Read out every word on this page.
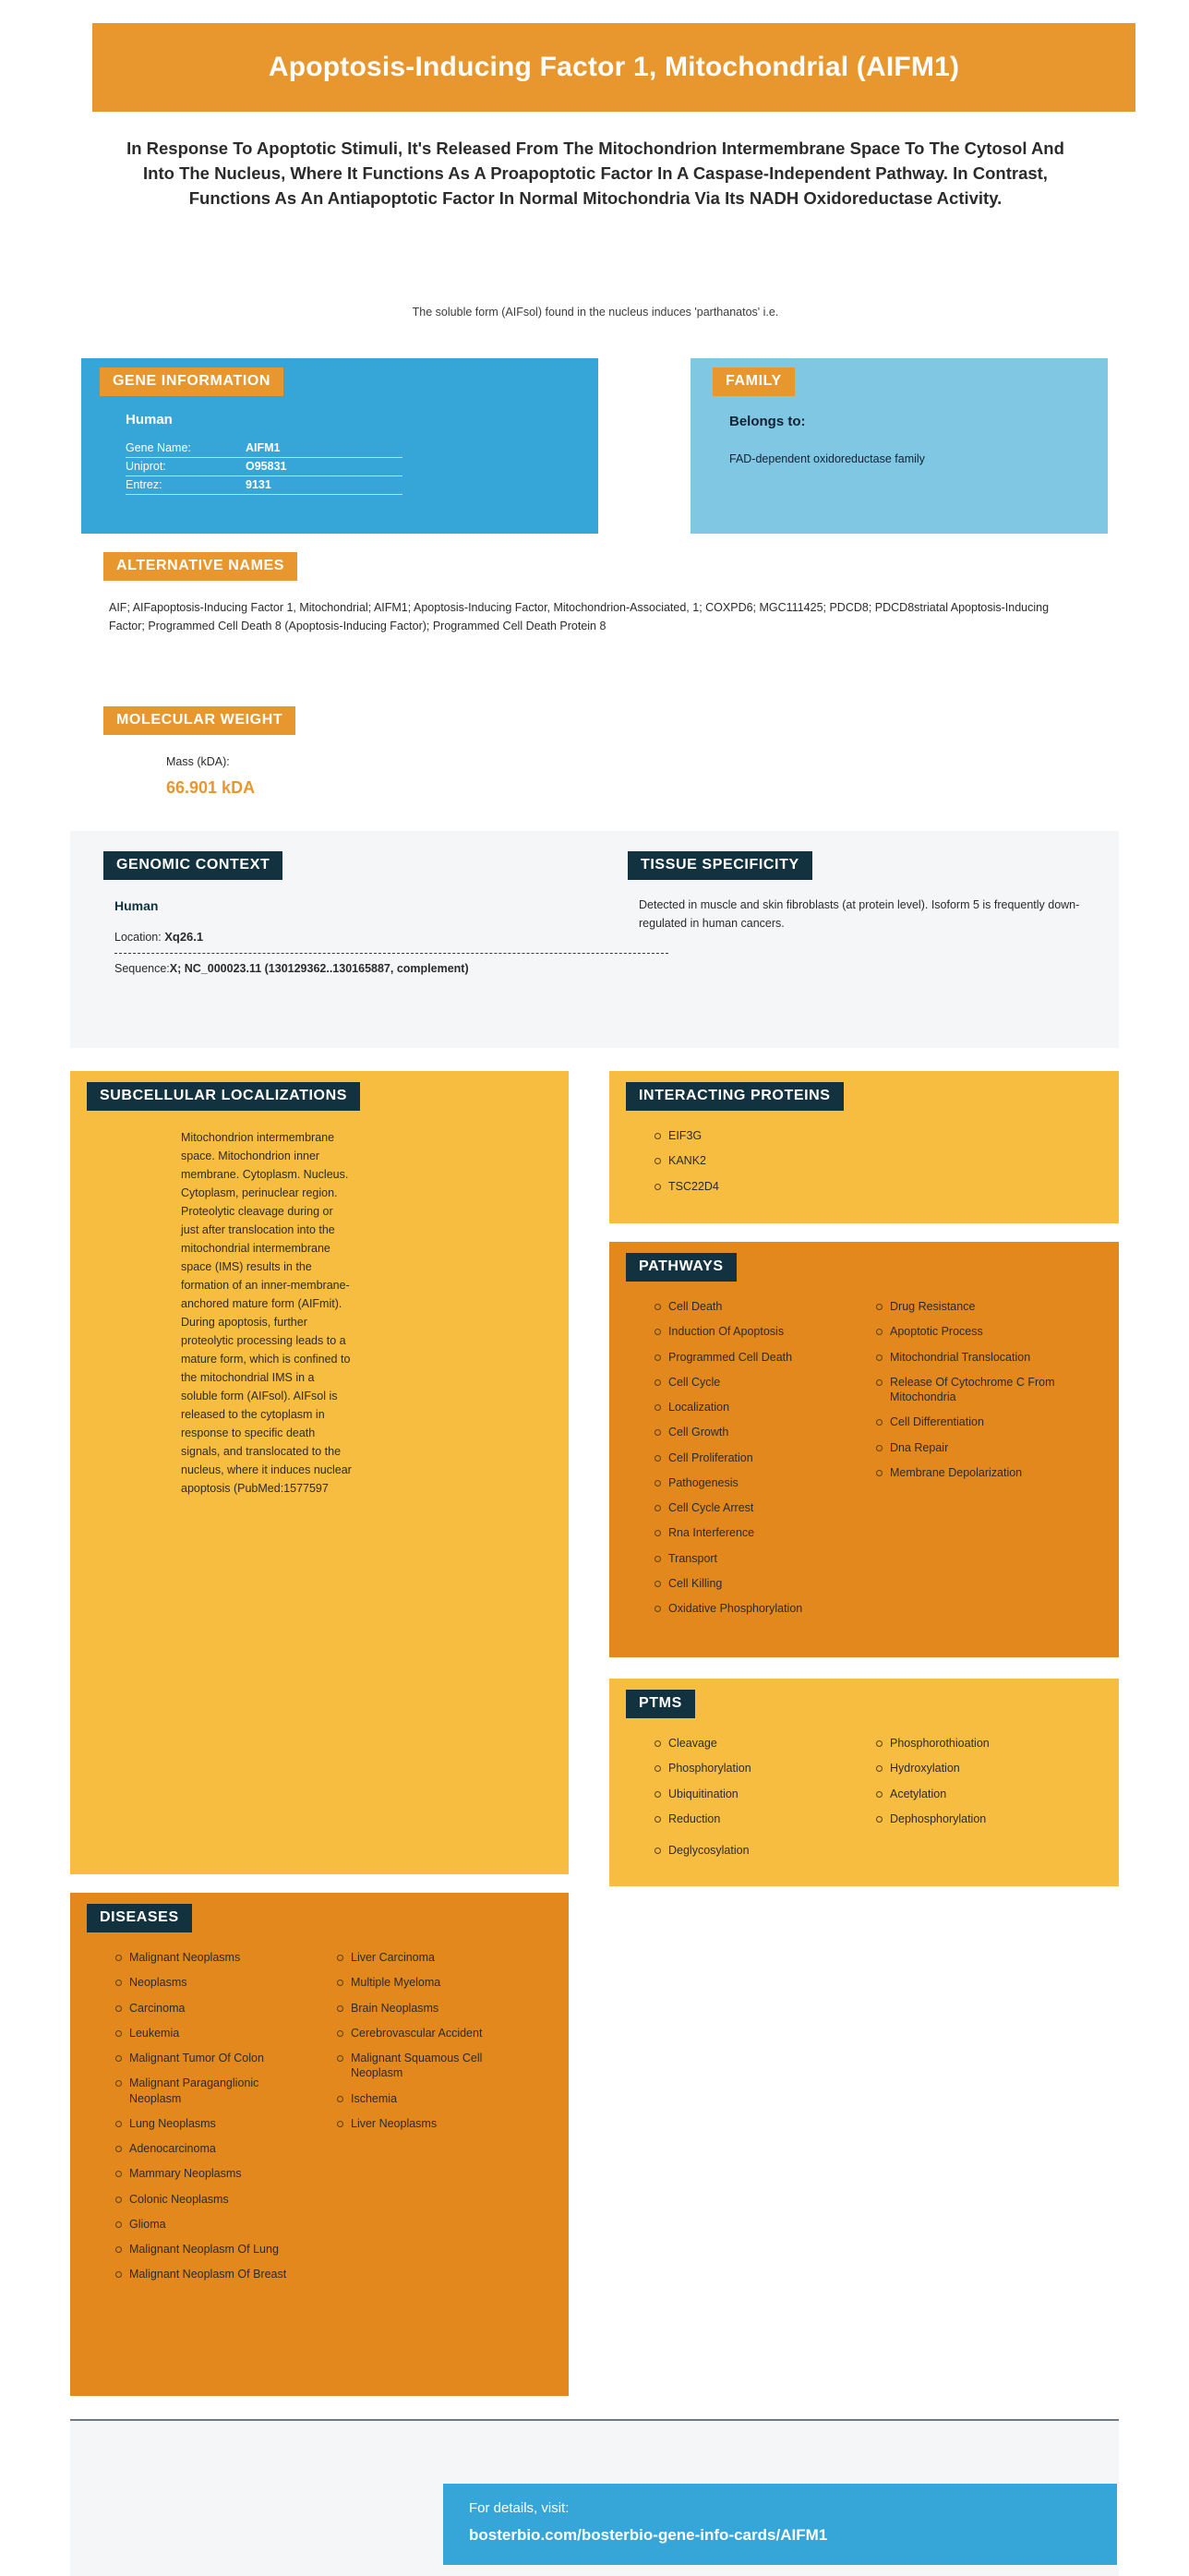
Apoptosis-Inducing Factor 1, Mitochondrial (AIFM1)
In Response To Apoptotic Stimuli, It's Released From The Mitochondrion Intermembrane Space To The Cytosol And Into The Nucleus, Where It Functions As A Proapoptotic Factor In A Caspase-Independent Pathway. In Contrast, Functions As An Antiapoptotic Factor In Normal Mitochondria Via Its NADH Oxidoreductase Activity.
The soluble form (AIFsol) found in the nucleus induces 'parthanatos' i.e.
GENE INFORMATION
Human
Gene Name:	AIFM1
Uniprot:	O95831
Entrez:	9131
FAMILY
Belongs to:
FAD-dependent oxidoreductase family
ALTERNATIVE NAMES
AIF; AIFapoptosis-Inducing Factor 1, Mitochondrial; AIFM1; Apoptosis-Inducing Factor, Mitochondrion-Associated, 1; COXPD6; MGC111425; PDCD8; PDCD8striatal Apoptosis-Inducing Factor; Programmed Cell Death 8 (Apoptosis-Inducing Factor); Programmed Cell Death Protein 8
MOLECULAR WEIGHT
Mass (kDA):
66.901 kDA
GENOMIC CONTEXT
Human
Location: Xq26.1
Sequence:X; NC_000023.11 (130129362..130165887, complement)
TISSUE SPECIFICITY
Detected in muscle and skin fibroblasts (at protein level). Isoform 5 is frequently down-regulated in human cancers.
SUBCELLULAR LOCALIZATIONS
Mitochondrion intermembrane space. Mitochondrion inner membrane. Cytoplasm. Nucleus. Cytoplasm, perinuclear region. Proteolytic cleavage during or just after translocation into the mitochondrial intermembrane space (IMS) results in the formation of an inner-membrane-anchored mature form (AIFmit). During apoptosis, further proteolytic processing leads to a mature form, which is confined to the mitochondrial IMS in a soluble form (AIFsol). AIFsol is released to the cytoplasm in response to specific death signals, and translocated to the nucleus, where it induces nuclear apoptosis (PubMed:1577597
INTERACTING PROTEINS
EIF3G
KANK2
TSC22D4
PATHWAYS
Cell Death
Induction Of Apoptosis
Programmed Cell Death
Cell Cycle
Localization
Cell Growth
Cell Proliferation
Pathogenesis
Cell Cycle Arrest
Rna Interference
Transport
Cell Killing
Oxidative Phosphorylation
Drug Resistance
Apoptotic Process
Mitochondrial Translocation
Release Of Cytochrome C From Mitochondria
Cell Differentiation
Dna Repair
Membrane Depolarization
PTMS
Cleavage
Phosphorylation
Ubiquitination
Reduction
Deglycosylation
Phosphorothioation
Hydroxylation
Acetylation
Dephosphorylation
DISEASES
Malignant Neoplasms
Neoplasms
Carcinoma
Leukemia
Malignant Tumor Of Colon
Malignant Paraganglionic Neoplasm
Lung Neoplasms
Adenocarcinoma
Mammary Neoplasms
Colonic Neoplasms
Glioma
Malignant Neoplasm Of Lung
Malignant Neoplasm Of Breast
Liver Carcinoma
Multiple Myeloma
Brain Neoplasms
Cerebrovascular Accident
Malignant Squamous Cell Neoplasm
Ischemia
Liver Neoplasms
For details, visit:
bosterbio.com/bosterbio-gene-info-cards/AIFM1
